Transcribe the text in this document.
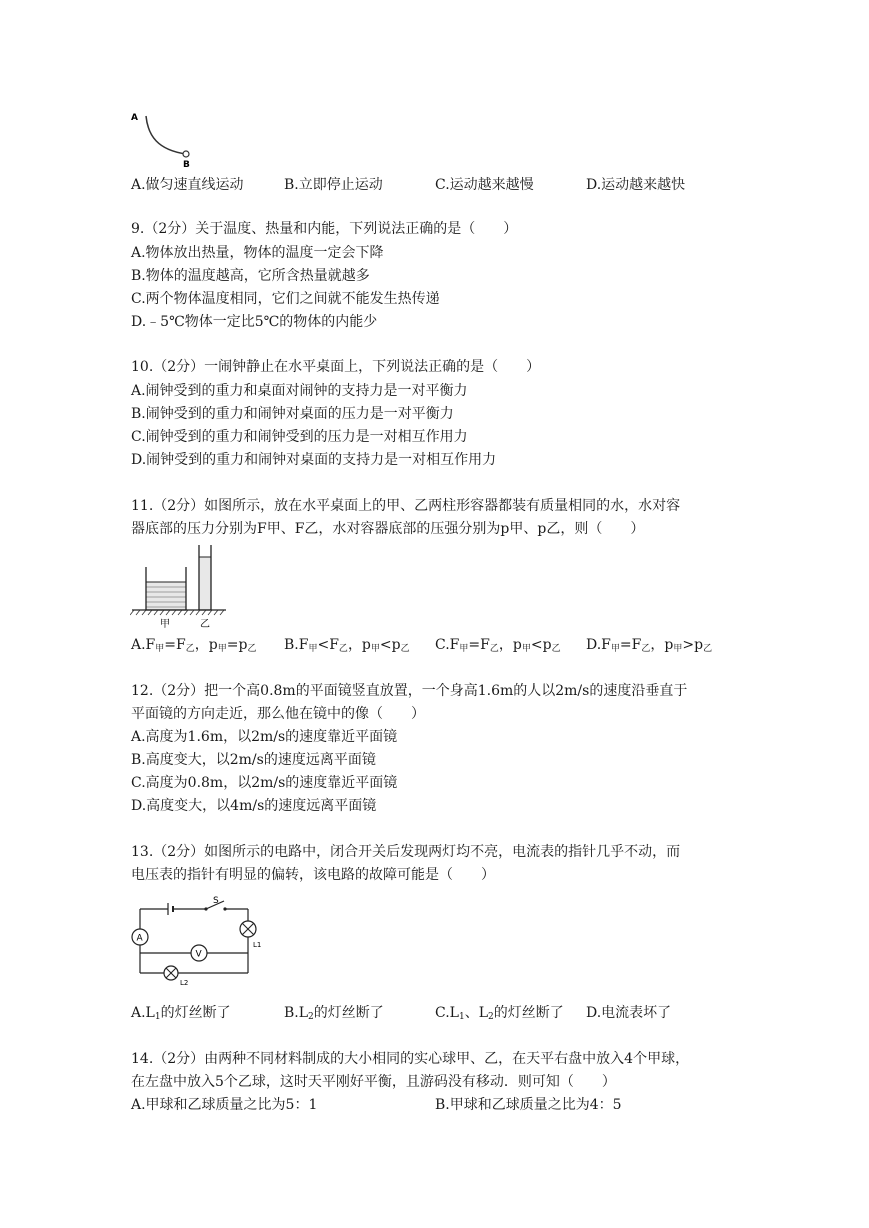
A
B
A.做匀速直线运动	B.立即停止运动	C.运动越来越慢	D.运动越来越快
9.（2分）关于温度、热量和内能，下列说法正确的是（　　）
A.物体放出热量，物体的温度一定会下降
B.物体的温度越高，它所含热量就越多
C.两个物体温度相同，它们之间就不能发生热传递
D.﹣5℃物体一定比5℃的物体的内能少
10.（2分）一闹钟静止在水平桌面上，下列说法正确的是（　　）
A.闹钟受到的重力和桌面对闹钟的支持力是一对平衡力
B.闹钟受到的重力和闹钟对桌面的压力是一对平衡力
C.闹钟受到的重力和闹钟受到的压力是一对相互作用力
D.闹钟受到的重力和闹钟对桌面的支持力是一对相互作用力
11.（2分）如图所示，放在水平桌面上的甲、乙两柱形容器都装有质量相同的水，水对容
器底部的压力分别为F甲、F乙，水对容器底部的压强分别为p甲、p乙，则（　　）
甲	乙
$A.F_甲=F_乙$，$p_甲=p_乙$ $B.F_甲<F_乙$，$p_甲<p_乙$ $C.F_甲=F_乙$，$p_甲<p_乙$ $D.F_甲=F_乙$，$p_甲>p_乙$
12.（2分）把一个高0.8m的平面镜竖直放置，一个身高1.6m的人以2m/s的速度沿垂直于
平面镜的方向走近，那么他在镜中的像（　　）
A.高度为1.6m，以2m/s的速度靠近平面镜
B.高度变大，以2m/s的速度远离平面镜
C.高度为0.8m，以2m/s的速度靠近平面镜
D.高度变大，以4m/s的速度远离平面镜
13.（2分）如图所示的电路中，闭合开关后发现两灯均不亮，电流表的指针几乎不动，而
电压表的指针有明显的偏转，该电路的故障可能是（　　）
A
V
L1
L2
S
$A.L_1$的灯丝断了	$B.L_2$的灯丝断了	$C.L_1$、$L_2$的灯丝断了 D.电流表坏了
14.（2分）由两种不同材料制成的大小相同的实心球甲、乙，在天平右盘中放入4个甲球，
在左盘中放入5个乙球，这时天平刚好平衡，且游码没有移动．则可知（　　）
A.甲球和乙球质量之比为5：1	B.甲球和乙球质量之比为4：5
